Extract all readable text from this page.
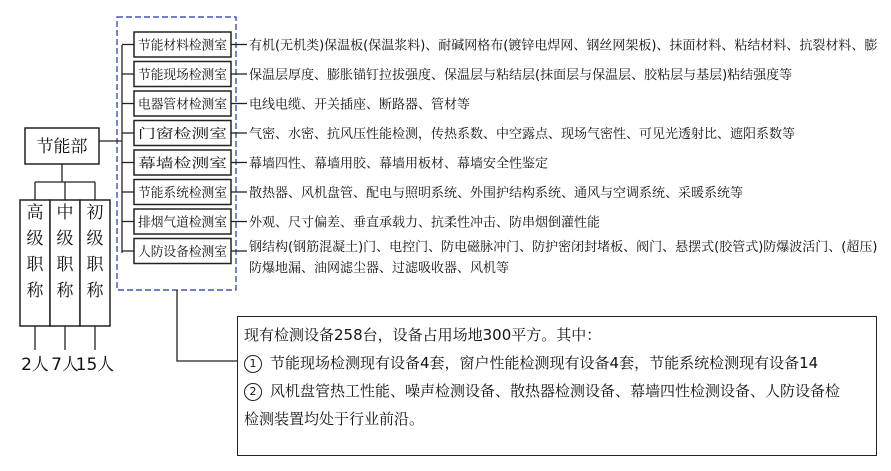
节能部
高级职称
2人
中级职称
7人
初级职称
15人
节能材料检测室 有机(无机类)保温板(保温浆料)、耐碱网格布(镀锌电焊网、钢丝网架板)、抹面材料、粘结材料、抗裂材料、膨
节能现场检测室 保温层厚度、膨胀锚钉拉拔强度、保温层与粘结层(抹面层与保温层、胶粘层与基层)粘结强度等
电器管材检测室 电线电缆、开关插座、断路器、管材等
门窗检测室	气密、水密、抗风压性能检测，传热系数、中空露点、现场气密性、可见光透射比、遮阳系数等
幕墙检测室	幕墙四性、幕墙用胶、幕墙用板材、幕墙安全性鉴定
节能系统检测室 散热器、风机盘管、配电与照明系统、外围护结构系统、通风与空调系统、采暖系统等
排烟气道检测室 外观、尺寸偏差、垂直承载力、抗柔性冲击、防串烟倒灌性能
人防设备检测室 钢结构(钢筋混凝土)门、电控门、防电磁脉冲门、防护密闭封堵板、阀门、悬摆式(胶管式)防爆波活门、(超压)
防爆地漏、油网滤尘器、过滤吸收器、风机等
现有检测设备258台，设备占用场地300平方。其中：
1 节能现场检测现有设备4套，窗户性能检测现有设备4套，节能系统检测现有设备14
2 风机盘管热工性能、噪声检测设备、散热器检测设备、幕墙四性检测设备、人防设备检
检测装置均处于行业前沿。
